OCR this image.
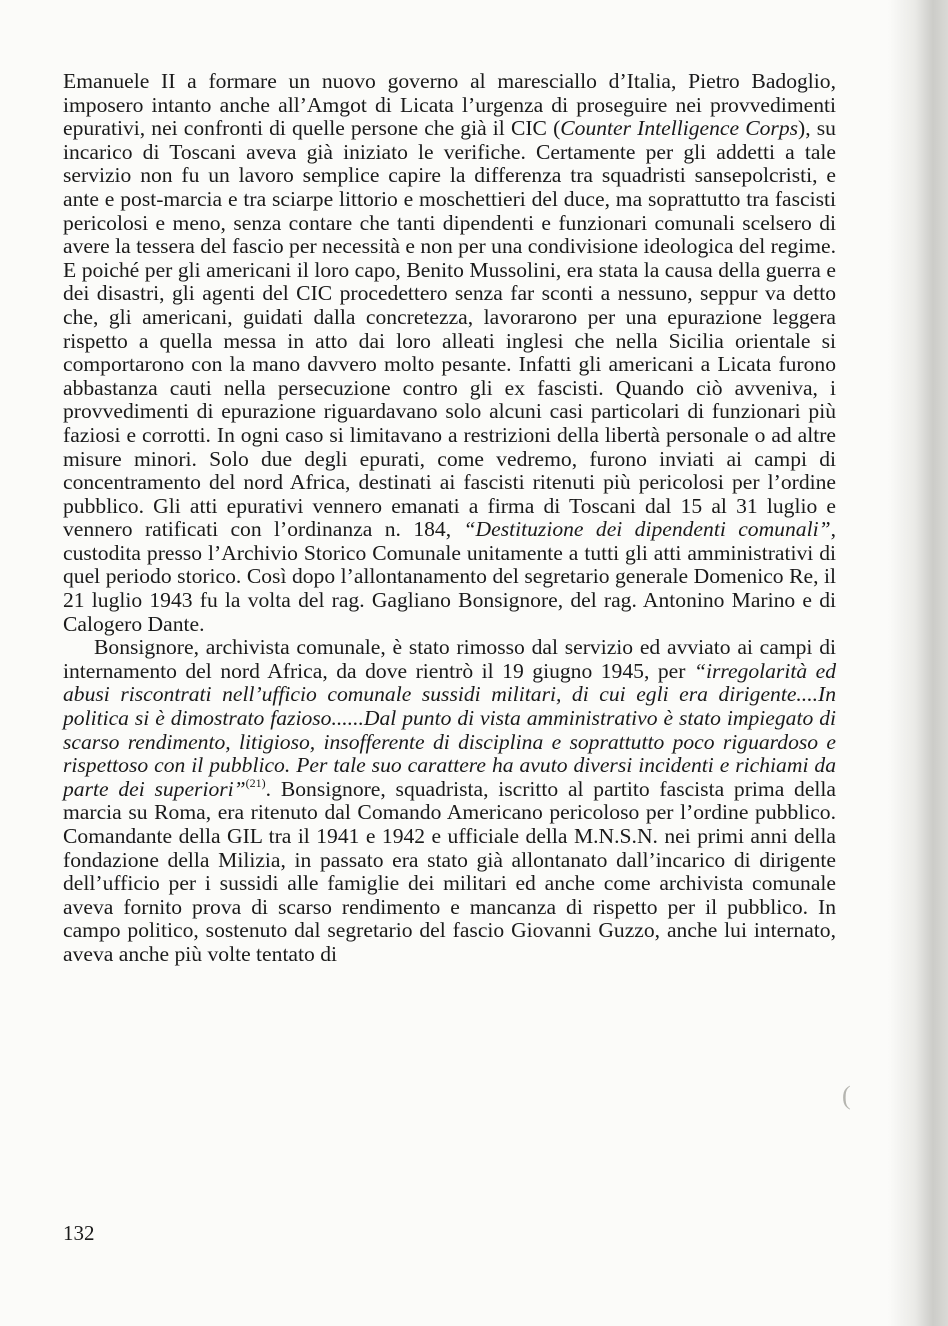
Emanuele II a formare un nuovo governo al maresciallo d’Italia, Pietro Badoglio, imposero intanto anche all’Amgot di Licata l’urgenza di proseguire nei provvedimenti epurativi, nei confronti di quelle persone che già il CIC (Counter Intelligence Corps), su incarico di Toscani aveva già iniziato le verifiche. Certamente per gli addetti a tale servizio non fu un lavoro semplice capire la differenza tra squadristi sansepolcristi, e ante e post-marcia e tra sciarpe littorio e moschettieri del duce, ma soprattutto tra fascisti pericolosi e meno, senza contare che tanti dipendenti e funzionari comunali scelsero di avere la tessera del fascio per necessità e non per una condivisione ideologica del regime. E poiché per gli americani il loro capo, Benito Mussolini, era stata la causa della guerra e dei disastri, gli agenti del CIC procedettero senza far sconti a nessuno, seppur va detto che, gli americani, guidati dalla concretezza, lavorarono per una epurazione leggera rispetto a quella messa in atto dai loro alleati inglesi che nella Sicilia orientale si comportarono con la mano davvero molto pesante. Infatti gli americani a Licata furono abbastanza cauti nella persecuzione contro gli ex fascisti. Quando ciò avveniva, i provvedimenti di epurazione riguardavano solo alcuni casi particolari di funzionari più faziosi e corrotti. In ogni caso si limitavano a restrizioni della libertà personale o ad altre misure minori. Solo due degli epurati, come vedremo, furono inviati ai campi di concentramento del nord Africa, destinati ai fascisti ritenuti più pericolosi per l’ordine pubblico. Gli atti epurativi vennero emanati a firma di Toscani dal 15 al 31 luglio e vennero ratificati con l’ordinanza n. 184, “Destituzione dei dipendenti comunali”, custodita presso l’Archivio Storico Comunale unitamente a tutti gli atti amministrativi di quel periodo storico. Così dopo l’allontanamento del segretario generale Domenico Re, il 21 luglio 1943 fu la volta del rag. Gagliano Bonsignore, del rag. Antonino Marino e di Calogero Dante.

Bonsignore, archivista comunale, è stato rimosso dal servizio ed avviato ai campi di internamento del nord Africa, da dove rientrò il 19 giugno 1945, per “irregolarità ed abusi riscontrati nell’ufficio comunale sussidi militari, di cui egli era dirigente....In politica si è dimostrato fazioso......Dal punto di vista amministrativo è stato impiegato di scarso rendimento, litigioso, insofferente di disciplina e soprattutto poco riguardoso e rispettoso con il pubblico. Per tale suo carattere ha avuto diversi incidenti e richiami da parte dei superiori”$^{(21)}$. Bonsignore, squadrista, iscritto al partito fascista prima della marcia su Roma, era ritenuto dal Comando Americano pericoloso per l’ordine pubblico. Comandante della GIL tra il 1941 e 1942 e ufficiale della M.N.S.N. nei primi anni della fondazione della Milizia, in passato era stato già allontanato dall’incarico di dirigente dell’ufficio per i sussidi alle famiglie dei militari ed anche come archivista comunale aveva fornito prova di scarso rendimento e mancanza di rispetto per il pubblico. In campo politico, sostenuto dal segretario del fascio Giovanni Guzzo, anche lui internato, aveva anche più volte tentato di

(
132
